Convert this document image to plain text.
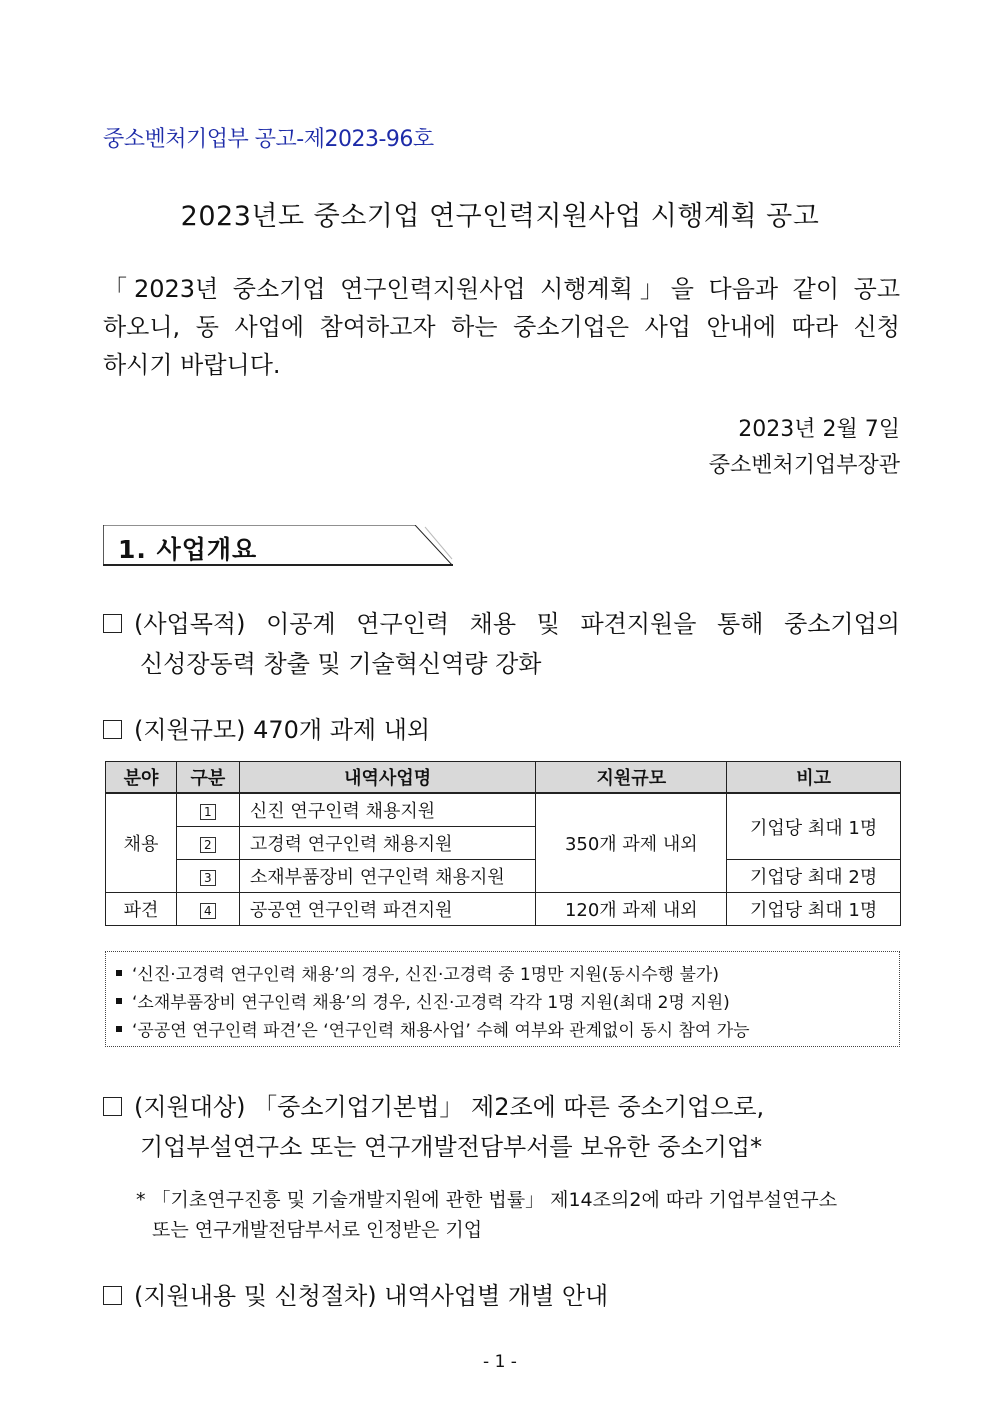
중소벤처기업부 공고-제2023-96호
2023년도 중소기업 연구인력지원사업 시행계획 공고
「2023년 중소기업 연구인력지원사업 시행계획」을 다음과 같이 공고
하오니, 동 사업에 참여하고자 하는 중소기업은 사업 안내에 따라 신청
하시기 바랍니다.
2023년 2월 7일
중소벤처기업부장관
1. 사업개요
(사업목적) 이공계 연구인력 채용 및 파견지원을 통해 중소기업의
신성장동력 창출 및 기술혁신역량 강화
(지원규모) 470개 과제 내외
분야	구분	내역사업명	지원규모	비고
채용	1	신진 연구인력 채용지원	350개 과제 내외	기업당 최대 1명
	2	고경력 연구인력 채용지원		
	3	소재부품장비 연구인력 채용지원		기업당 최대 2명
파견	4	공공연 연구인력 파견지원	120개 과제 내외	기업당 최대 1명
‘신진·고경력 연구인력 채용’의 경우, 신진·고경력 중 1명만 지원(동시수행 불가)
‘소재부품장비 연구인력 채용’의 경우, 신진·고경력 각각 1명 지원(최대 2명 지원)
‘공공연 연구인력 파견’은 ‘연구인력 채용사업’ 수혜 여부와 관계없이 동시 참여 가능
(지원대상) 「중소기업기본법」 제2조에 따른 중소기업으로,
기업부설연구소 또는 연구개발전담부서를 보유한 중소기업*
* 「기초연구진흥 및 기술개발지원에 관한 법률」 제14조의2에 따라 기업부설연구소
또는 연구개발전담부서로 인정받은 기업
(지원내용 및 신청절차) 내역사업별 개별 안내
- 1 -
